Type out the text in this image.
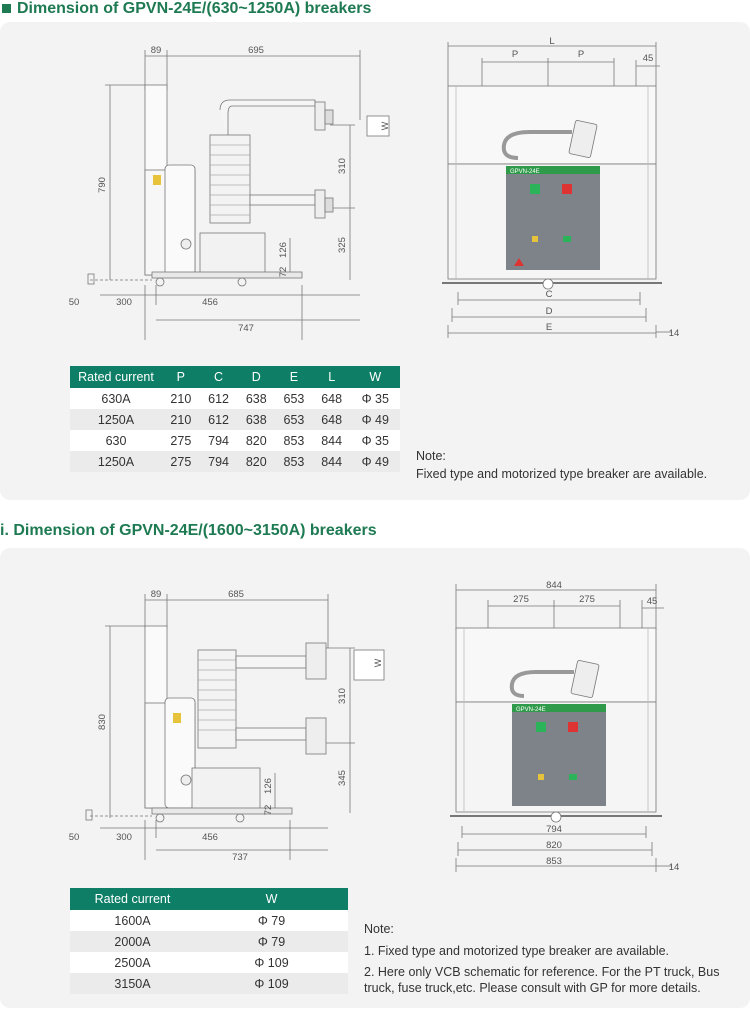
Dimension of GPVN-24E/(630~1250A) breakers
695
89
790
310
325
126
72
50	300	456
747
W
GPVN-24E
P	P
L
45
C
D
E
14
Rated current	P	C	D	E	L	W
630A	210	612	638	653	648	Φ 35
1250A	210	612	638	653	648	Φ 49
630	275	794	820	853	844	Φ 35
1250A	275	794	820	853	844	Φ 49 Note:
Fixed type and motorized type breaker are available.
i. Dimension of GPVN-24E/(1600~3150A) breakers
685
89
830
310
345
126
72
50	300	456
737
W
GPVN-24E
844
275	275	45
794
820
853
14
Rated current	W
1600A	Φ 79
2000A	Φ 79
2500A	Φ 109
3150A	Φ 109
Note:
1. Fixed type and motorized type breaker are available.
2. Here only VCB schematic for reference. For the PT truck, Bus truck, fuse truck,etc. Please consult with GP for more details.
